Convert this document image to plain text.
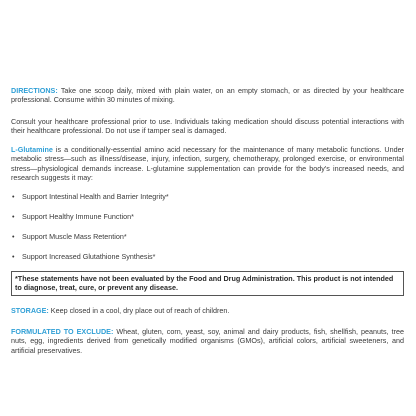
DIRECTIONS: Take one scoop daily, mixed with plain water, on an empty stomach, or as directed by your healthcare professional. Consume within 30 minutes of mixing.

Consult your healthcare professional prior to use. Individuals taking medication should discuss potential interactions with their healthcare professional. Do not use if tamper seal is damaged.

L-Glutamine is a conditionally-essential amino acid necessary for the maintenance of many metabolic functions. Under metabolic stress—such as illness/disease, injury, infection, surgery, chemotherapy, prolonged exercise, or environmental stress—physiological demands increase. L-glutamine supplementation can provide for the body's increased needs, and research suggests it may:

• Support Intestinal Health and Barrier Integrity*
• Support Healthy Immune Function*
• Support Muscle Mass Retention*
• Support Increased Glutathione Synthesis*
*These statements have not been evaluated by the Food and Drug Administration. This product is not intended to diagnose, treat, cure, or prevent any disease.

STORAGE: Keep closed in a cool, dry place out of reach of children.

FORMULATED TO EXCLUDE: Wheat, gluten, corn, yeast, soy, animal and dairy products, fish, shellfish, peanuts, tree nuts, egg, ingredients derived from genetically modified organisms (GMOs), artificial colors, artificial sweeteners, and artificial preservatives.
